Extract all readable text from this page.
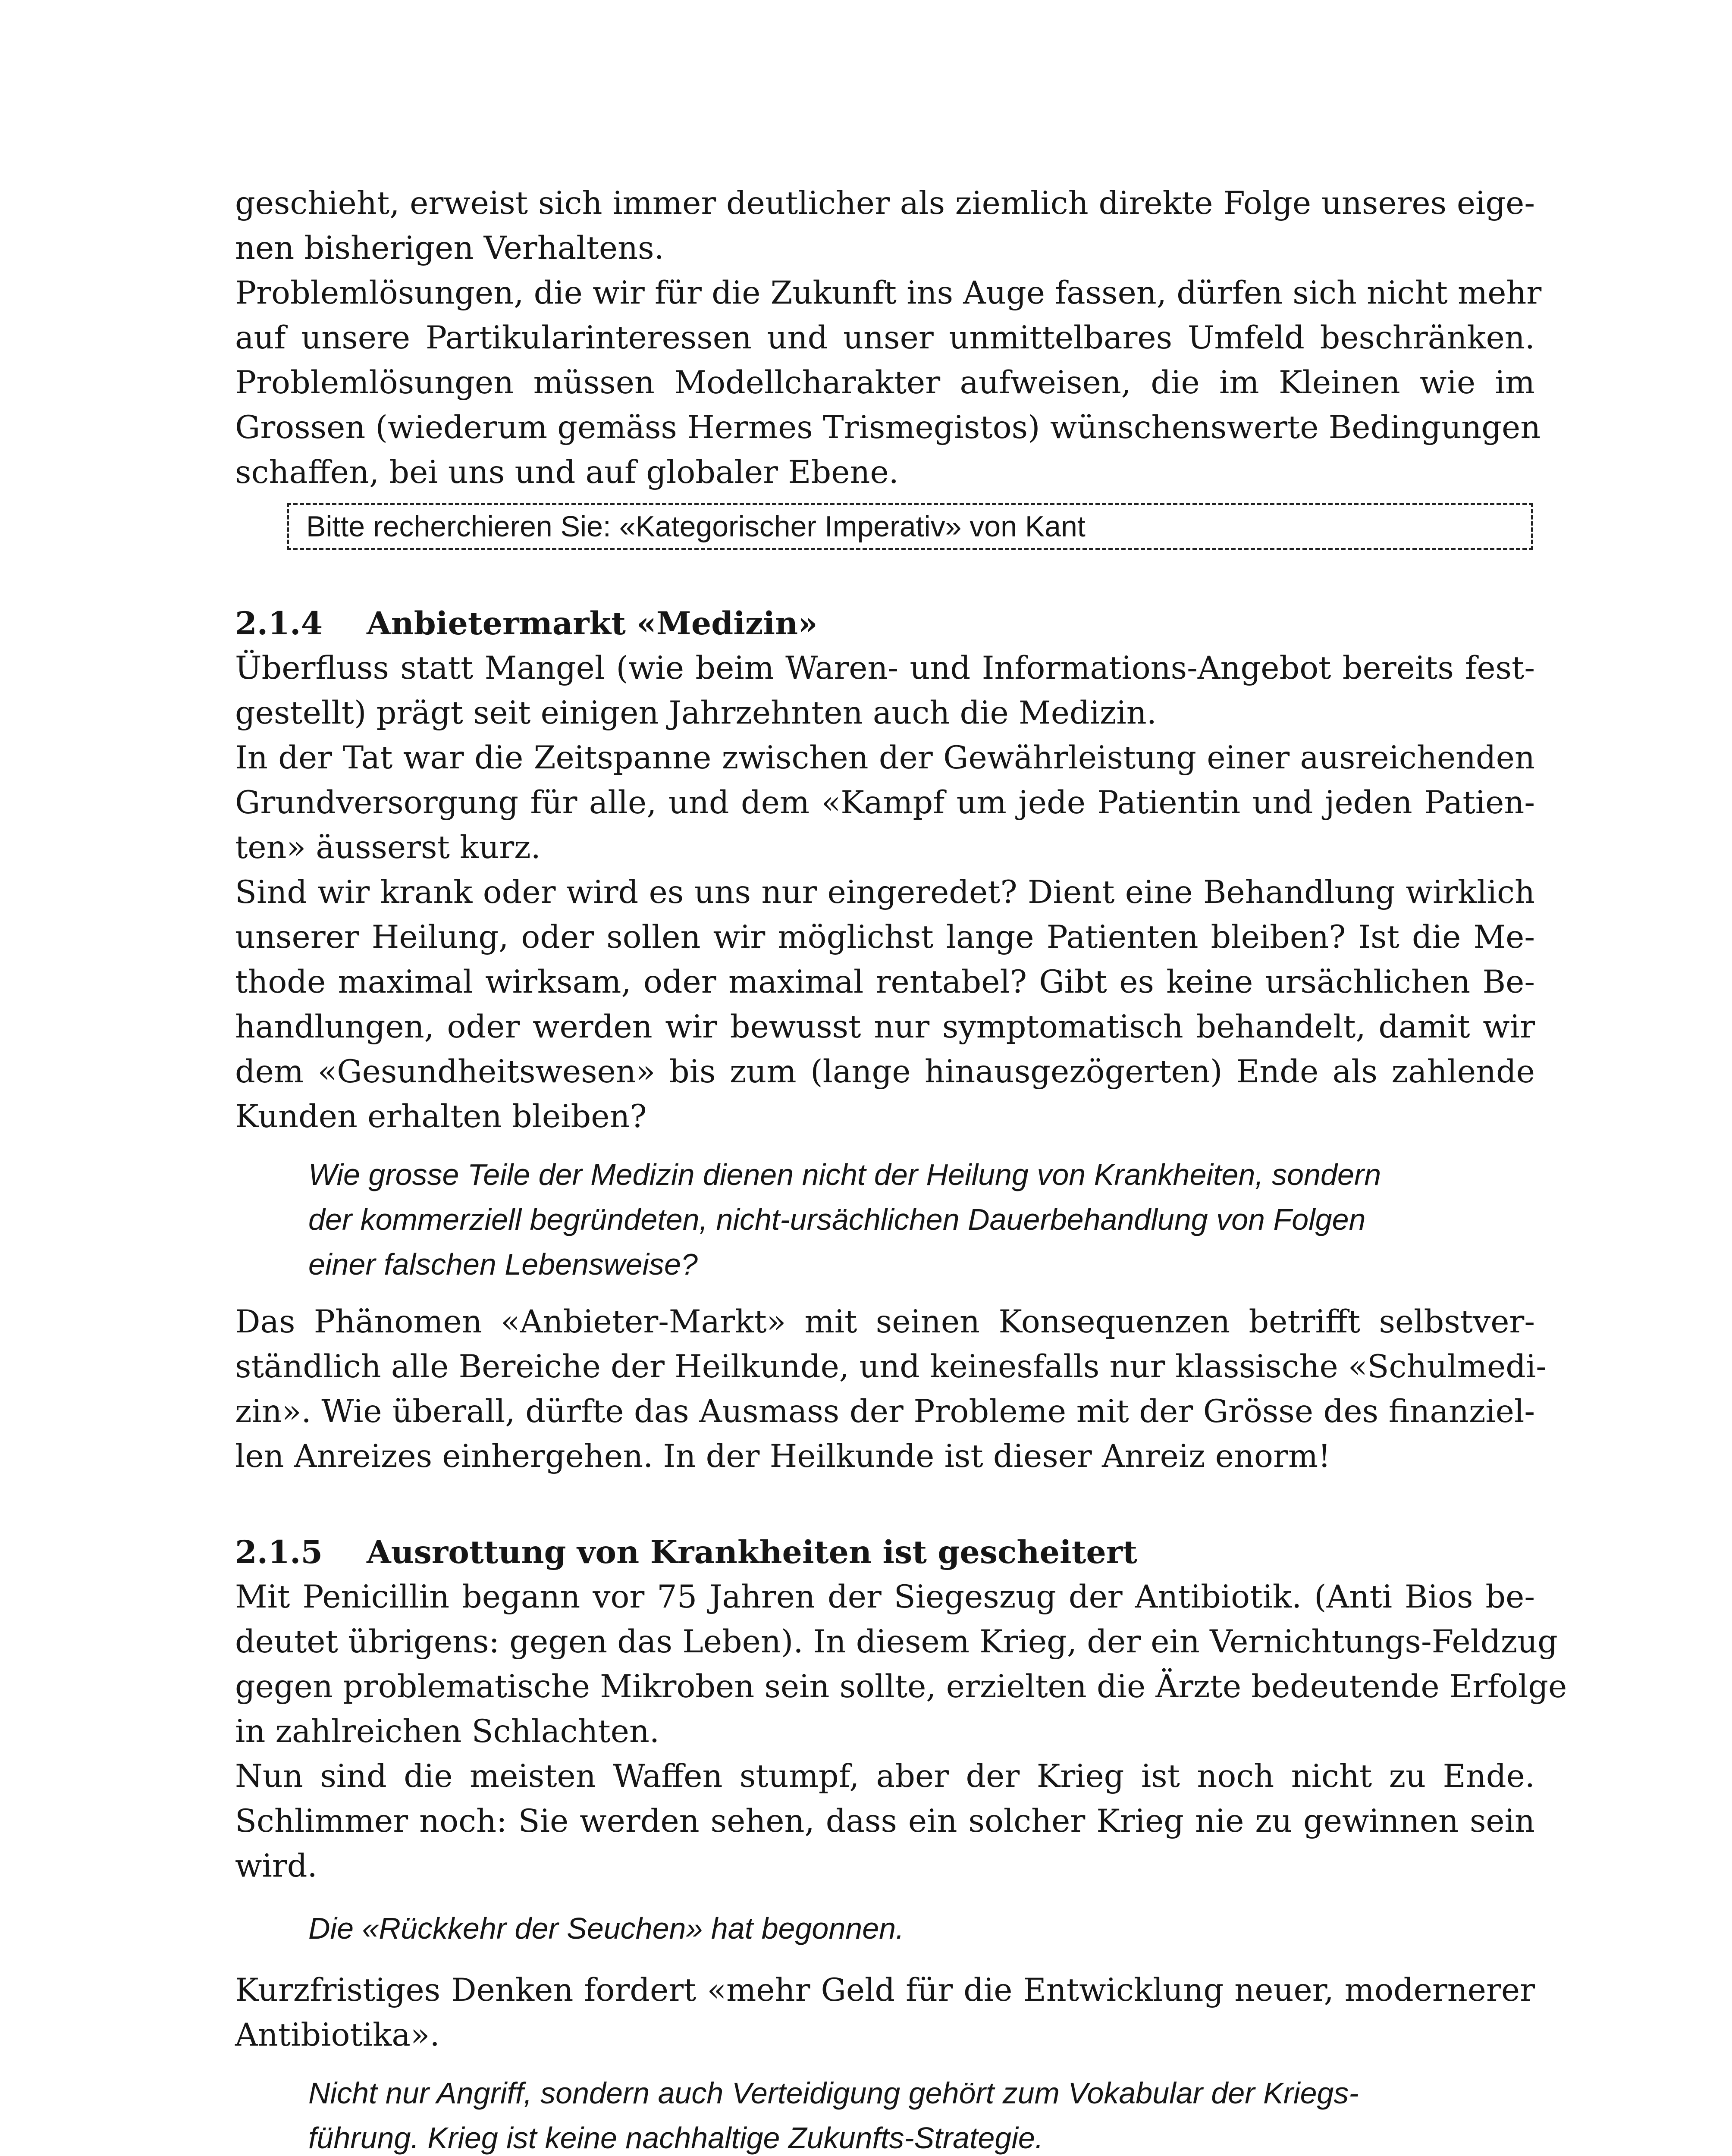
geschieht, erweist sich immer deutlicher als ziemlich direkte Folge unseres eige-
nen bisherigen Verhaltens.

Problemlösungen, die wir für die Zukunft ins Auge fassen, dürfen sich nicht mehr
auf unsere Partikularinteressen und unser unmittelbares Umfeld beschränken.
Problemlösungen müssen Modellcharakter aufweisen, die im Kleinen wie im
Grossen (wiederum gemäss Hermes Trismegistos) wünschenswerte Bedingungen
schaffen, bei uns und auf globaler Ebene.

Bitte recherchieren Sie: «Kategorischer Imperativ» von Kant
2.1.4 Anbietermarkt «Medizin»

Überfluss statt Mangel (wie beim Waren- und Informations-Angebot bereits fest-
gestellt) prägt seit einigen Jahrzehnten auch die Medizin.

In der Tat war die Zeitspanne zwischen der Gewährleistung einer ausreichenden
Grundversorgung für alle, und dem «Kampf um jede Patientin und jeden Patien-
ten» äusserst kurz.

Sind wir krank oder wird es uns nur eingeredet? Dient eine Behandlung wirklich
unserer Heilung, oder sollen wir möglichst lange Patienten bleiben? Ist die Me-
thode maximal wirksam, oder maximal rentabel? Gibt es keine ursächlichen Be-
handlungen, oder werden wir bewusst nur symptomatisch behandelt, damit wir
dem «Gesundheitswesen» bis zum (lange hinausgezögerten) Ende als zahlende
Kunden erhalten bleiben?

Wie grosse Teile der Medizin dienen nicht der Heilung von Krankheiten, sondern
der kommerziell begründeten, nicht-ursächlichen Dauerbehandlung von Folgen
einer falschen Lebensweise?

Das Phänomen «Anbieter-Markt» mit seinen Konsequenzen betrifft selbstver-
ständlich alle Bereiche der Heilkunde, und keinesfalls nur klassische «Schulmedi-
zin». Wie überall, dürfte das Ausmass der Probleme mit der Grösse des finanziel-
len Anreizes einhergehen. In der Heilkunde ist dieser Anreiz enorm!

2.1.5 Ausrottung von Krankheiten ist gescheitert

Mit Penicillin begann vor 75 Jahren der Siegeszug der Antibiotik. (Anti Bios be-
deutet übrigens: gegen das Leben). In diesem Krieg, der ein Vernichtungs-Feldzug
gegen problematische Mikroben sein sollte, erzielten die Ärzte bedeutende Erfolge
in zahlreichen Schlachten.

Nun sind die meisten Waffen stumpf, aber der Krieg ist noch nicht zu Ende.
Schlimmer noch: Sie werden sehen, dass ein solcher Krieg nie zu gewinnen sein
wird.

Die «Rückkehr der Seuchen» hat begonnen.

Kurzfristiges Denken fordert «mehr Geld für die Entwicklung neuer, modernerer
Antibiotika».

Nicht nur Angriff, sondern auch Verteidigung gehört zum Vokabular der Kriegs-
führung. Krieg ist keine nachhaltige Zukunfts-Strategie.
